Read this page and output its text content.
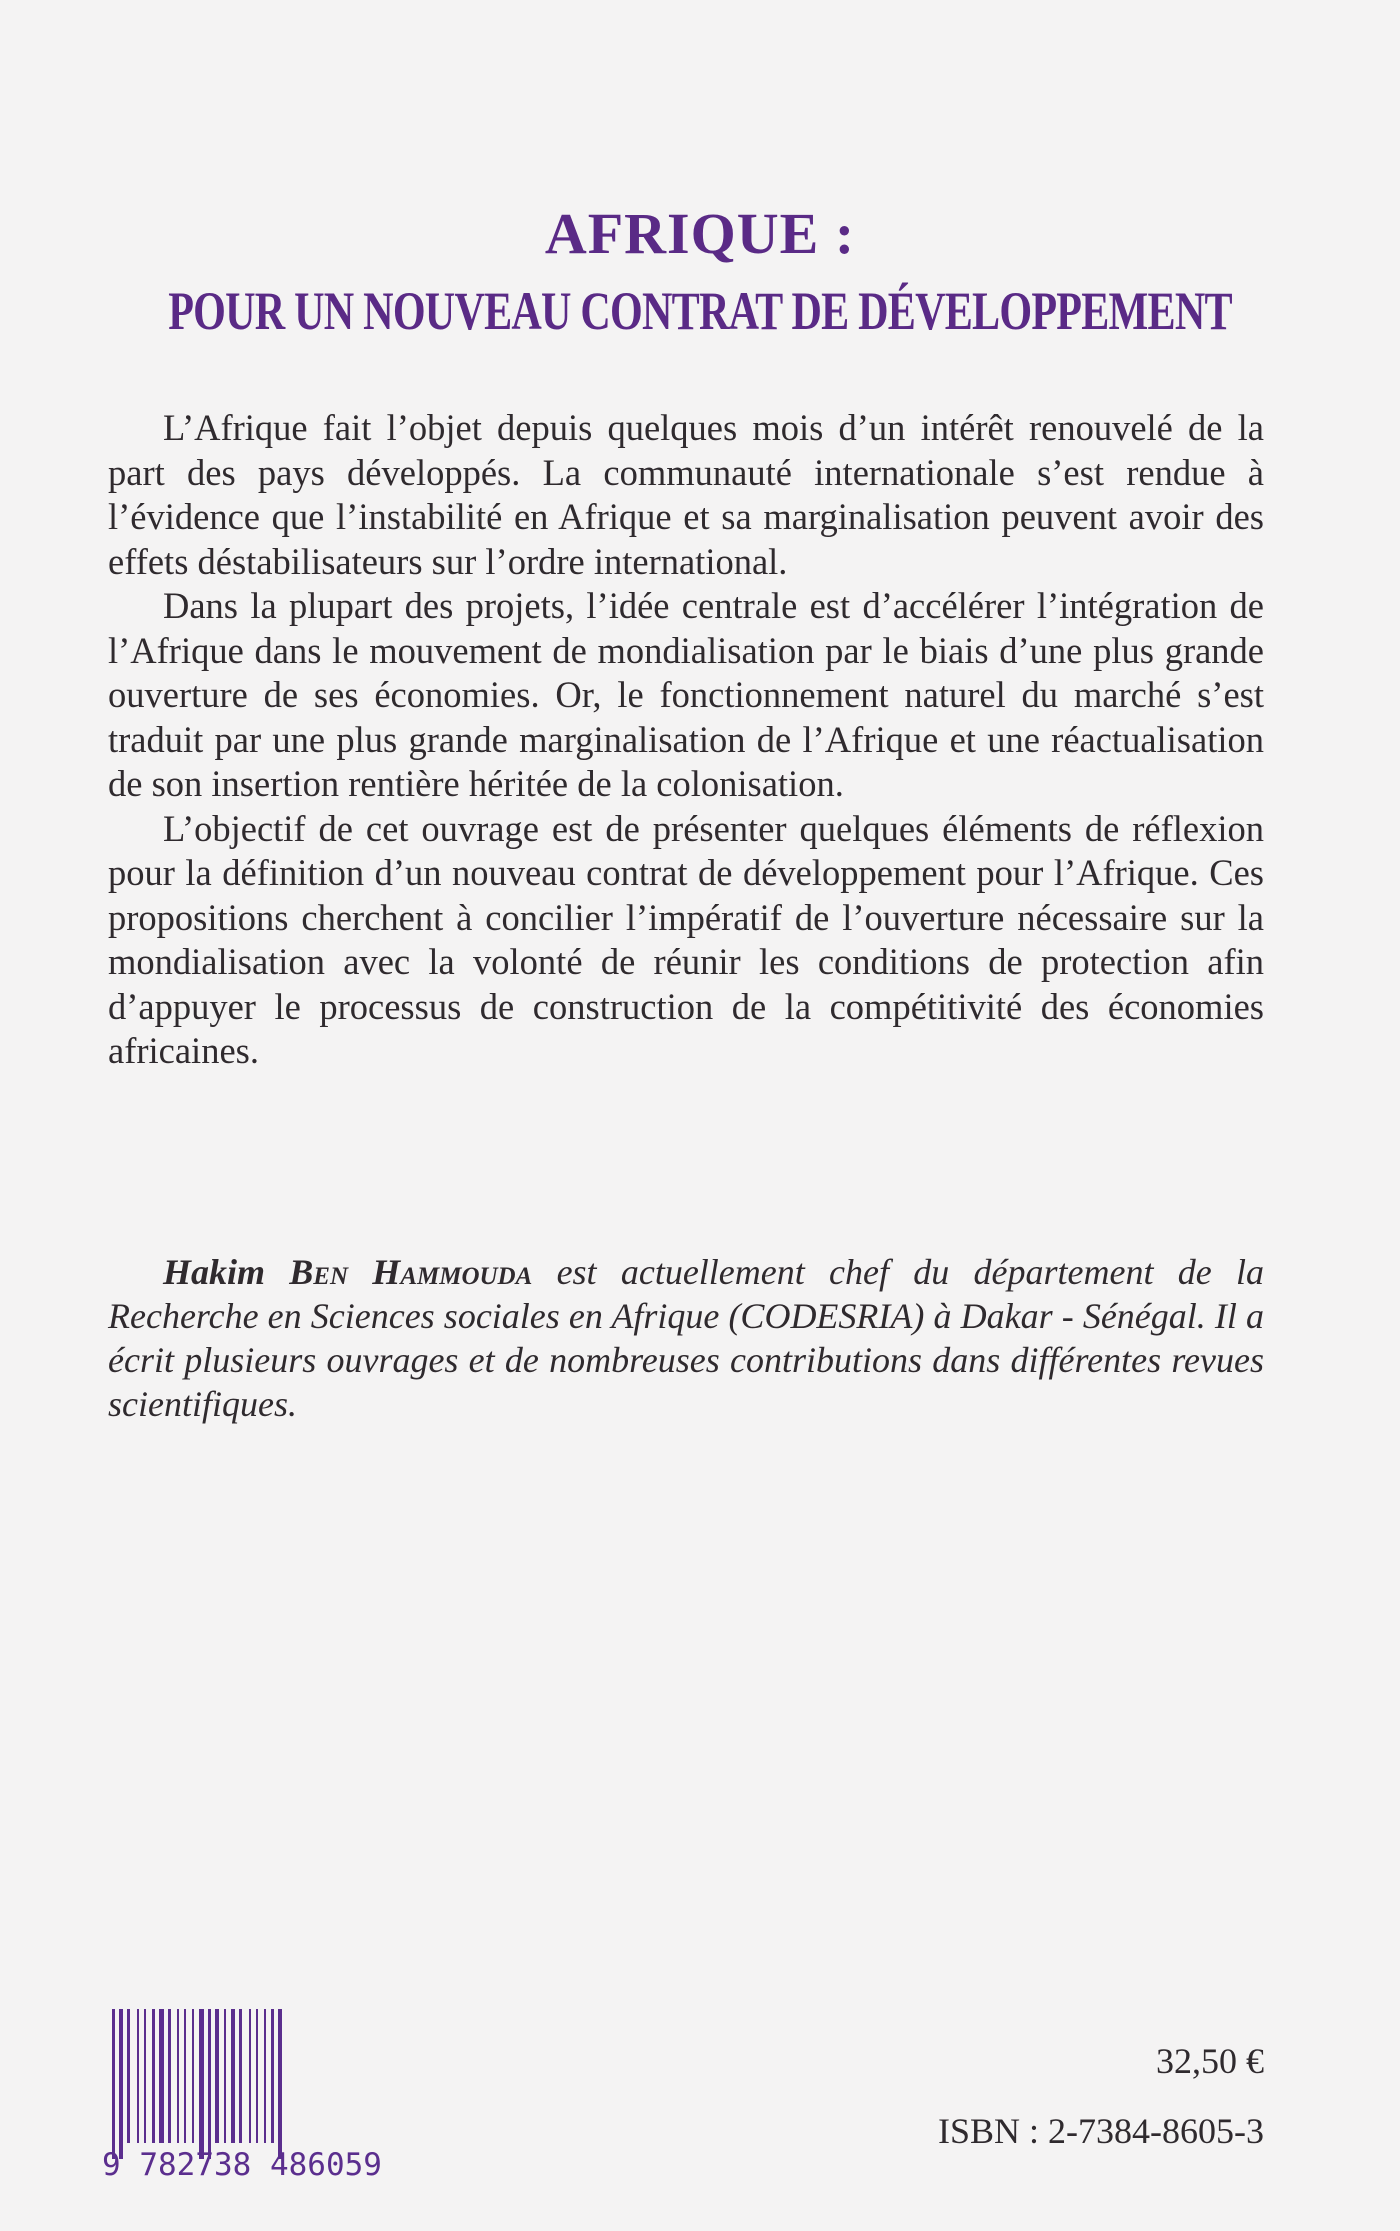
AFRIQUE :
POUR UN NOUVEAU CONTRAT DE DÉVELOPPEMENT

L’Afrique fait l’objet depuis quelques mois d’un intérêt renouvelé de la part des pays développés. La communauté internationale s’est rendue à l’évidence que l’instabilité en Afrique et sa marginalisation peuvent avoir des effets déstabilisateurs sur l’ordre international.

Dans la plupart des projets, l’idée centrale est d’accélérer l’intégration de l’Afrique dans le mouvement de mondialisation par le biais d’une plus grande ouverture de ses économies. Or, le fonctionnement naturel du marché s’est traduit par une plus grande marginalisation de l’Afrique et une réactualisation de son insertion rentière héritée de la colonisation.

L’objectif de cet ouvrage est de présenter quelques éléments de réflexion pour la définition d’un nouveau contrat de développement pour l’Afrique. Ces propositions cherchent à concilier l’impératif de l’ouverture nécessaire sur la mondialisation avec la volonté de réunir les conditions de protection afin d’appuyer le processus de construction de la compétitivité des économies africaines.

Hakim Ben Hammouda est actuellement chef du département de la Recherche en Sciences sociales en Afrique (CODESRIA) à Dakar - Sénégal. Il a écrit plusieurs ouvrages et de nombreuses contributions dans différentes revues scientifiques.

9 782738 486059
32,50 €
ISBN : 2-7384-8605-3
